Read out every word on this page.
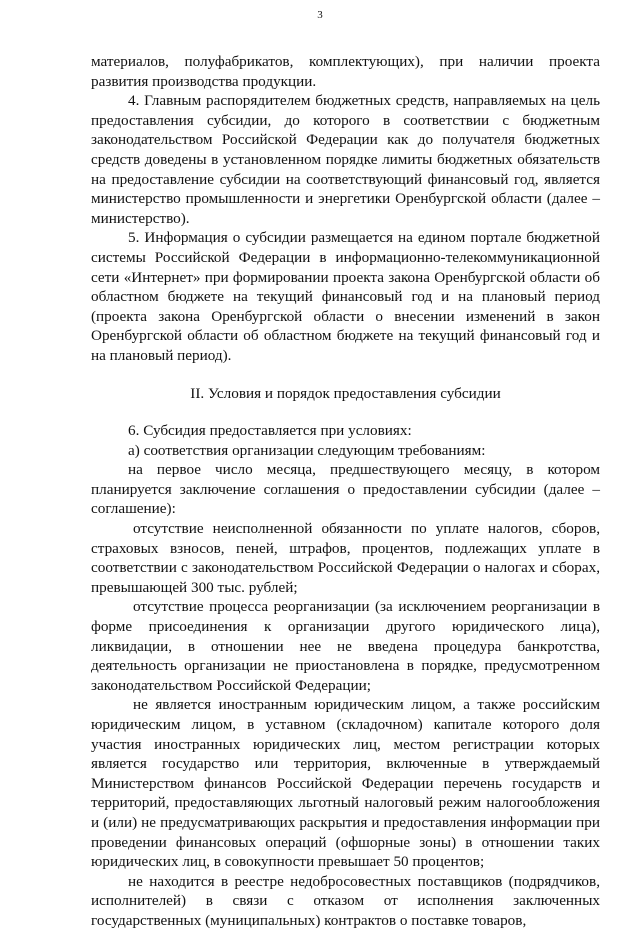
3

материалов, полуфабрикатов, комплектующих), при наличии проекта развития производства продукции.

4. Главным распорядителем бюджетных средств, направляемых на цель предоставления субсидии, до которого в соответствии с бюджетным законодательством Российской Федерации как до получателя бюджетных средств доведены в установленном порядке лимиты бюджетных обязательств на предоставление субсидии на соответствующий финансовый год, является министерство промышленности и энергетики Оренбургской области (далее – министерство).

5. Информация о субсидии размещается на едином портале бюджетной системы Российской Федерации в информационно-телекоммуникационной сети «Интернет» при формировании проекта закона Оренбургской области об областном бюджете на текущий финансовый год и на плановый период (проекта закона Оренбургской области о внесении изменений в закон Оренбургской области об областном бюджете на текущий финансовый год и на плановый период).

II. Условия и порядок предоставления субсидии

6. Субсидия предоставляется при условиях:

а) соответствия организации следующим требованиям:

на первое число месяца, предшествующего месяцу, в котором планируется заключение соглашения о предоставлении субсидии (далее – соглашение):

отсутствие неисполненной обязанности по уплате налогов, сборов, страховых взносов, пеней, штрафов, процентов, подлежащих уплате в соответствии с законодательством Российской Федерации о налогах и сборах, превышающей 300 тыс. рублей;

отсутствие процесса реорганизации (за исключением реорганизации в форме присоединения к организации другого юридического лица), ликвидации, в отношении нее не введена процедура банкротства, деятельность организации не приостановлена в порядке, предусмотренном законодательством Российской Федерации;

не является иностранным юридическим лицом, а также российским юридическим лицом, в уставном (складочном) капитале которого доля участия иностранных юридических лиц, местом регистрации которых является государство или территория, включенные в утверждаемый Министерством финансов Российской Федерации перечень государств и территорий, предоставляющих льготный налоговый режим налогообложения и (или) не предусматривающих раскрытия и предоставления информации при проведении финансовых операций (офшорные зоны) в отношении таких юридических лиц, в совокупности превышает 50 процентов;

не находится в реестре недобросовестных поставщиков (подрядчиков, исполнителей) в связи с отказом от исполнения заключенных государственных (муниципальных) контрактов о поставке товаров,
